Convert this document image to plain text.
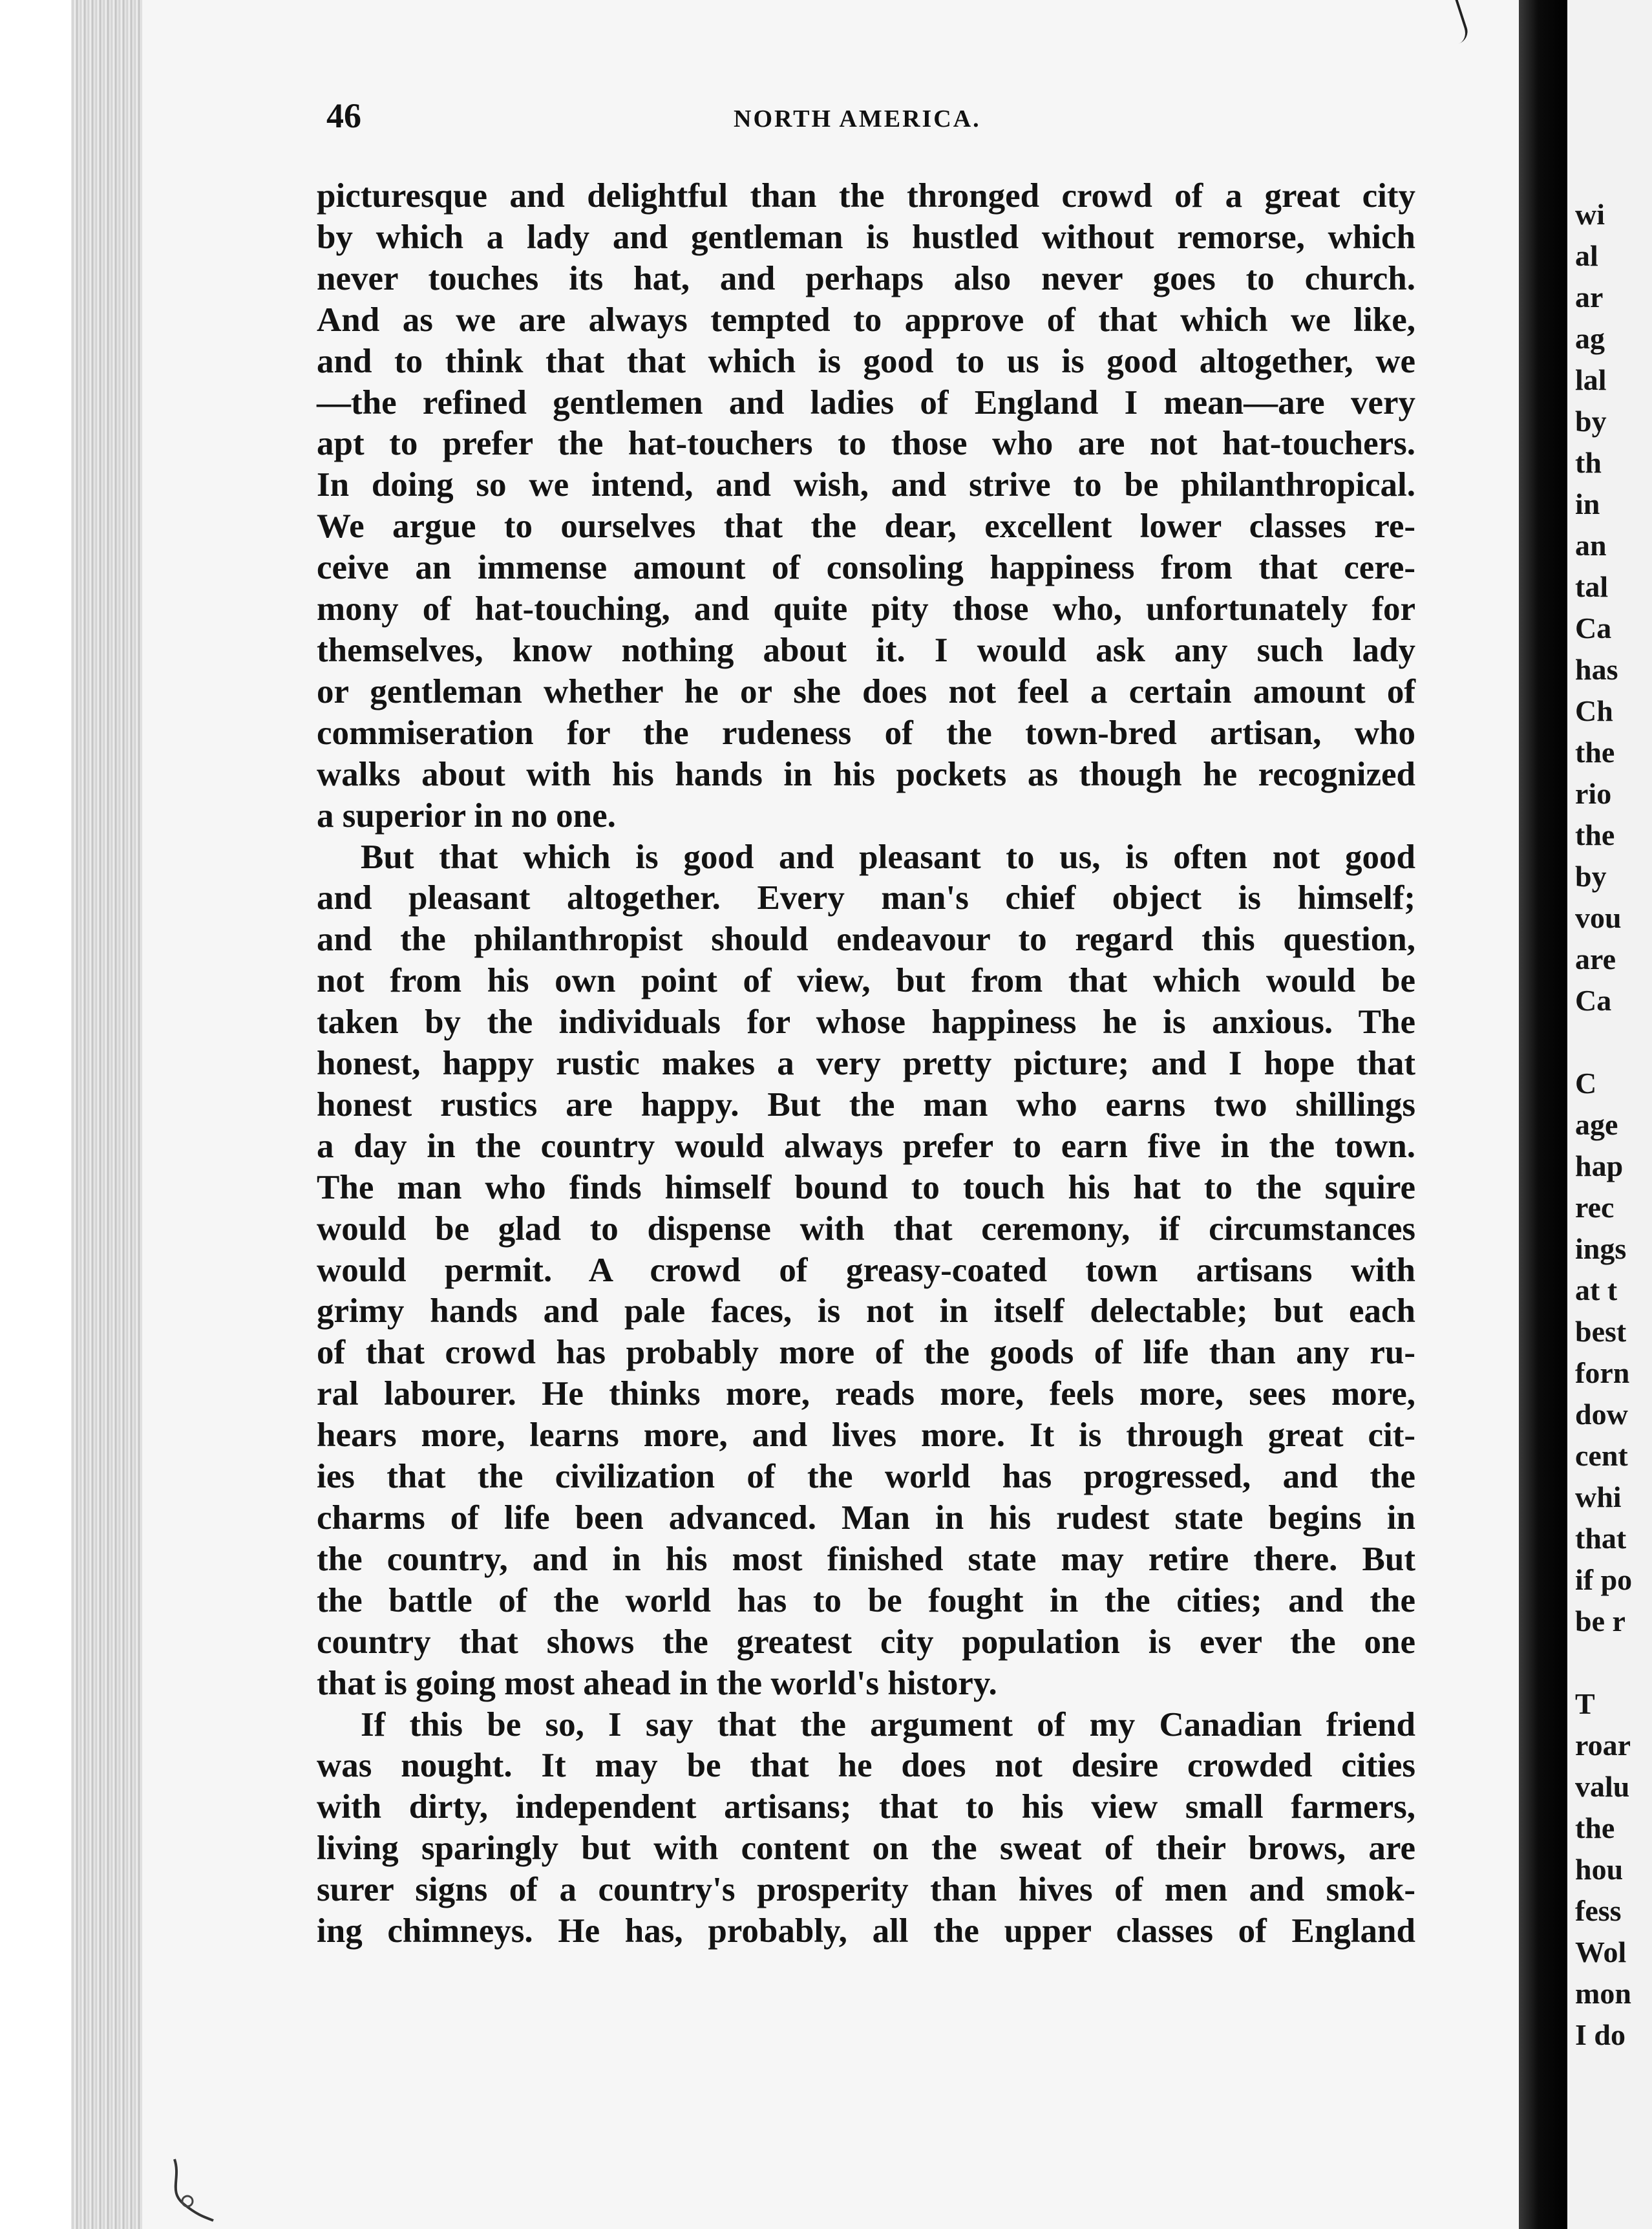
46	NORTH AMERICA.
picturesque and delightful than the thronged crowd of a great city
by which a lady and gentleman is hustled without remorse, which
never touches its hat, and perhaps also never goes to church.
And as we are always tempted to approve of that which we like,
and to think that that which is good to us is good altogether, we
—the refined gentlemen and ladies of England I mean—are very
apt to prefer the hat-touchers to those who are not hat-touchers.
In doing so we intend, and wish, and strive to be philanthropical.
We argue to ourselves that the dear, excellent lower classes re-
ceive an immense amount of consoling happiness from that cere-
mony of hat-touching, and quite pity those who, unfortunately for
themselves, know nothing about it. I would ask any such lady
or gentleman whether he or she does not feel a certain amount of
commiseration for the rudeness of the town-bred artisan, who
walks about with his hands in his pockets as though he recognized
a superior in no one.
But that which is good and pleasant to us, is often not good
and pleasant altogether. Every man's chief object is himself;
and the philanthropist should endeavour to regard this question,
not from his own point of view, but from that which would be
taken by the individuals for whose happiness he is anxious. The
honest, happy rustic makes a very pretty picture; and I hope that
honest rustics are happy. But the man who earns two shillings
a day in the country would always prefer to earn five in the town.
The man who finds himself bound to touch his hat to the squire
would be glad to dispense with that ceremony, if circumstances
would permit. A crowd of greasy-coated town artisans with
grimy hands and pale faces, is not in itself delectable; but each
of that crowd has probably more of the goods of life than any ru-
ral labourer. He thinks more, reads more, feels more, sees more,
hears more, learns more, and lives more. It is through great cit-
ies that the civilization of the world has progressed, and the
charms of life been advanced. Man in his rudest state begins in
the country, and in his most finished state may retire there. But
the battle of the world has to be fought in the cities; and the
country that shows the greatest city population is ever the one
that is going most ahead in the world's history.
If this be so, I say that the argument of my Canadian friend
was nought. It may be that he does not desire crowded cities
with dirty, independent artisans; that to his view small farmers,
living sparingly but with content on the sweat of their brows, are
surer signs of a country's prosperity than hives of men and smok-
ing chimneys. He has, probably, all the upper classes of England
wi
al
ar
ag
lal
by
th
in
an
tal
Ca
has
Ch
the
rio
the
by
vou
are
Ca
C
age
hap
rec
ings
at t
best
forn
dow
cent
whi
that
if po
be r
T
roar
valu
the
hou
fess
Wol
mon
I do
